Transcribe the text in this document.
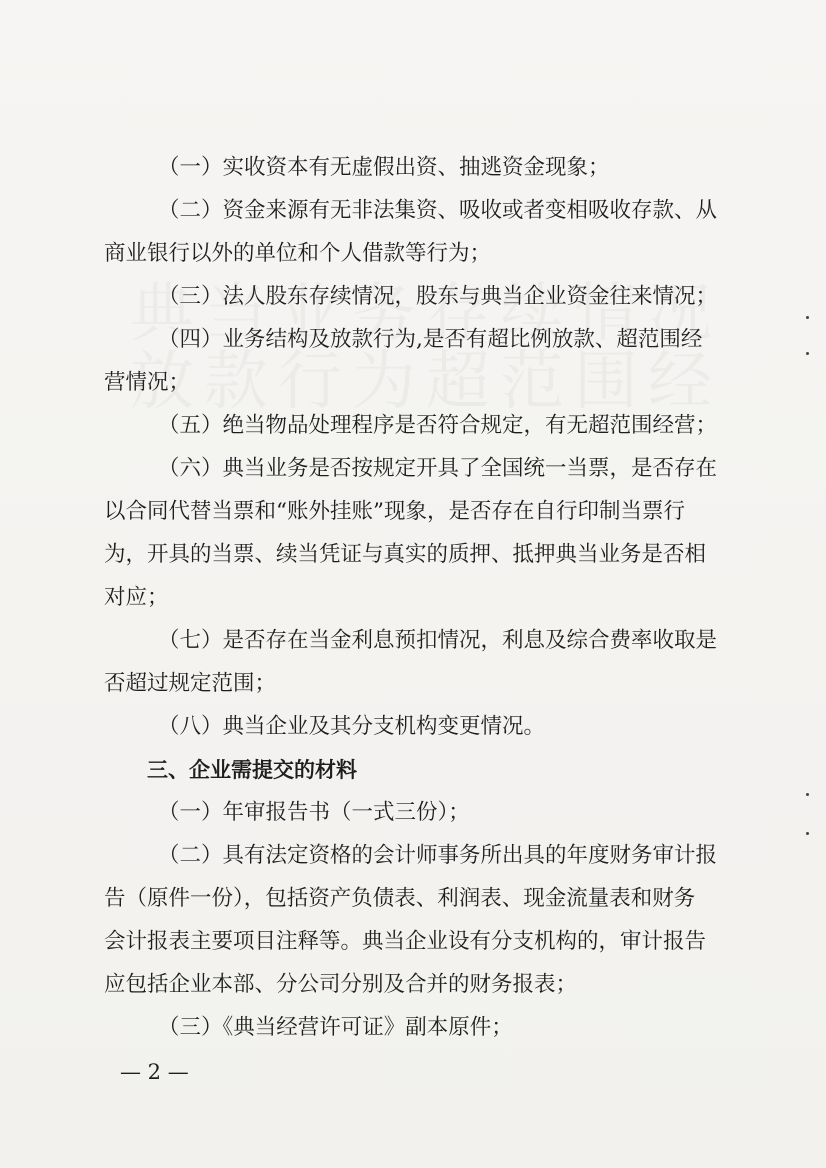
（一）实收资本有无虚假出资、抽逃资金现象；
（二）资金来源有无非法集资、吸收或者变相吸收存款、从
商业银行以外的单位和个人借款等行为；
（三）法人股东存续情况，股东与典当企业资金往来情况；
（四）业务结构及放款行为,是否有超比例放款、超范围经
营情况；
（五）绝当物品处理程序是否符合规定，有无超范围经营；
（六）典当业务是否按规定开具了全国统一当票，是否存在
以合同代替当票和“账外挂账”现象，是否存在自行印制当票行
为，开具的当票、续当凭证与真实的质押、抵押典当业务是否相
对应；
（七）是否存在当金利息预扣情况，利息及综合费率收取是
否超过规定范围；
（八）典当企业及其分支机构变更情况。
三、企业需提交的材料
（一）年审报告书（一式三份）；
（二）具有法定资格的会计师事务所出具的年度财务审计报
告（原件一份），包括资产负债表、利润表、现金流量表和财务
会计报表主要项目注释等。典当企业设有分支机构的，审计报告
应包括企业本部、分公司分别及合并的财务报表；
（三）《典当经营许可证》副本原件；
— 2 —
